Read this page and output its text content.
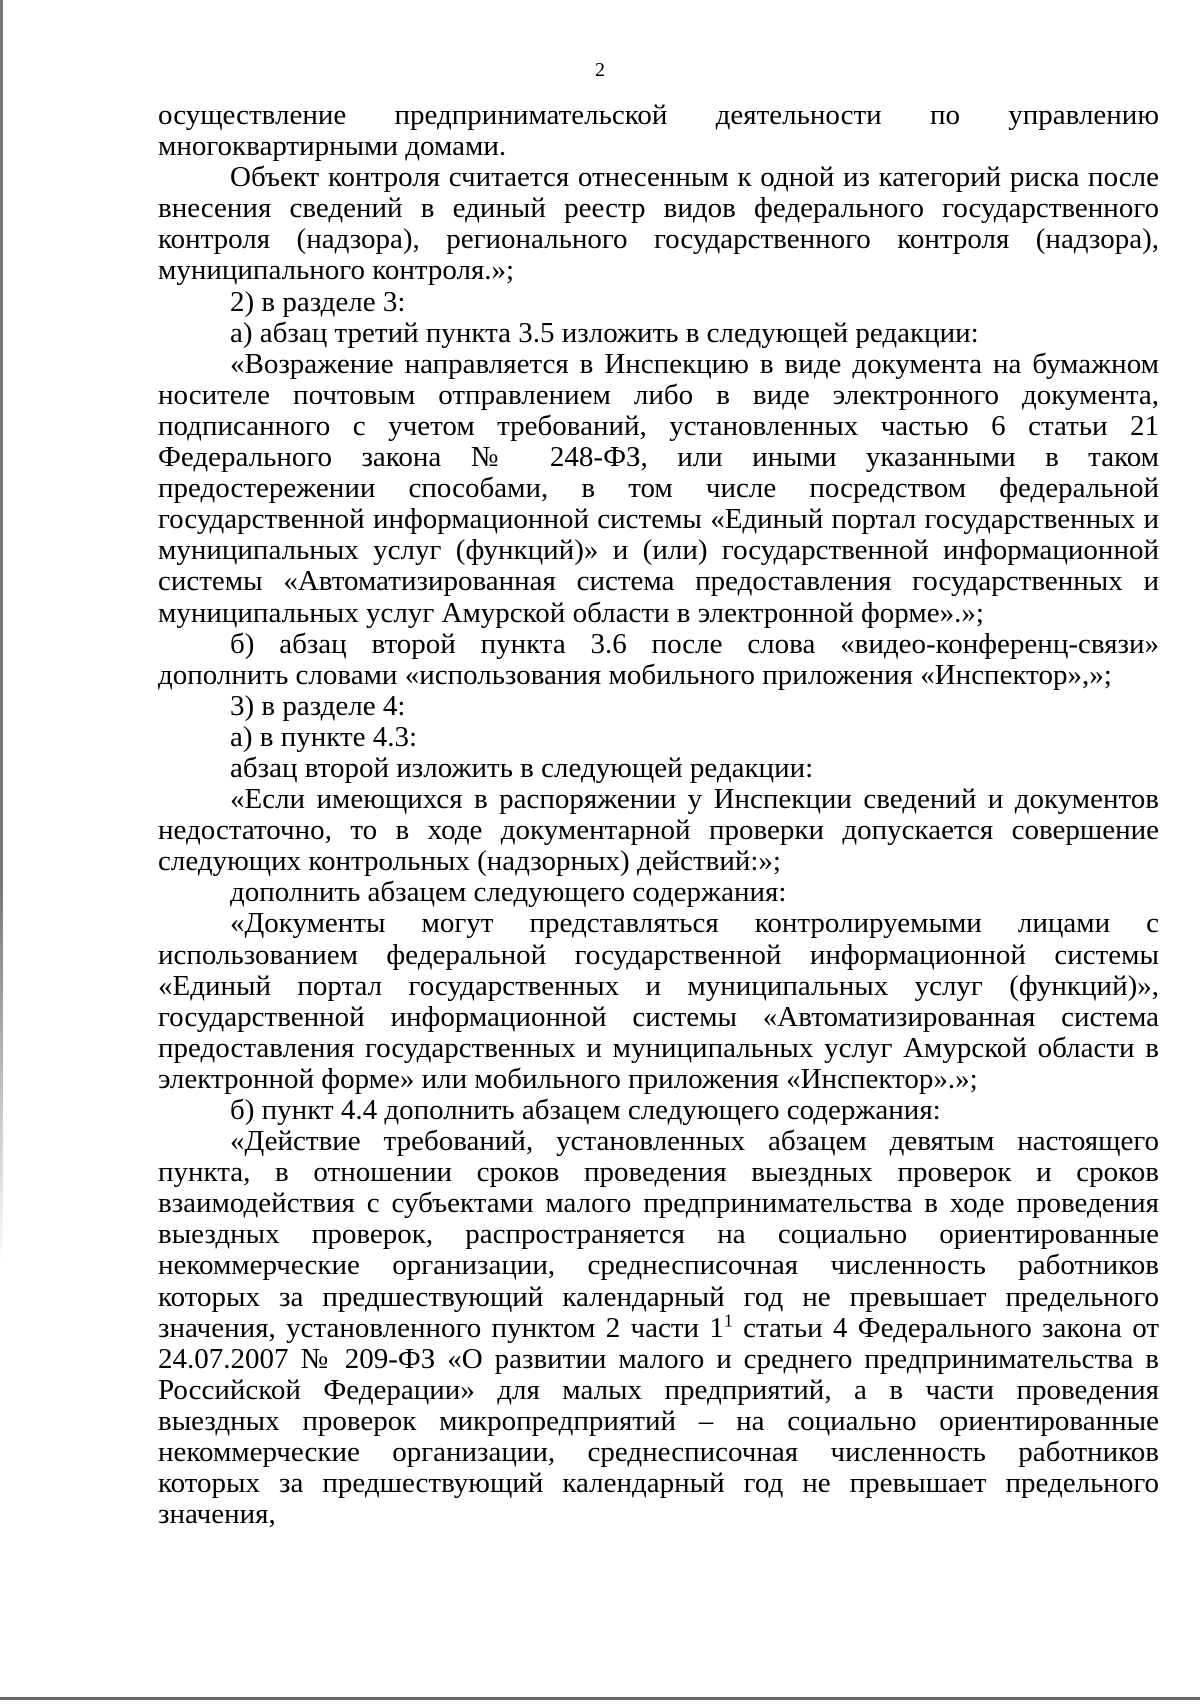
2

осуществление предпринимательской деятельности по управлению многоквартирными домами.

Объект контроля считается отнесенным к одной из категорий риска после внесения сведений в единый реестр видов федерального государственного контроля (надзора), регионального государственного контроля (надзора), муниципального контроля.»;

2) в разделе 3:

а) абзац третий пункта 3.5 изложить в следующей редакции:

«Возражение направляется в Инспекцию в виде документа на бумажном носителе почтовым отправлением либо в виде электронного документа, подписанного с учетом требований, установленных частью 6 статьи 21 Федерального закона № 248-ФЗ, или иными указанными в таком предостережении способами, в том числе посредством федеральной государственной информационной системы «Единый портал государственных и муниципальных услуг (функций)» и (или) государственной информационной системы «Автоматизированная система предоставления государственных и муниципальных услуг Амурской области в электронной форме».»;

б) абзац второй пункта 3.6 после слова «видео-конференц-связи» дополнить словами «использования мобильного приложения «Инспектор»,»;

3) в разделе 4:

а) в пункте 4.3:

абзац второй изложить в следующей редакции:

«Если имеющихся в распоряжении у Инспекции сведений и документов недостаточно, то в ходе документарной проверки допускается совершение следующих контрольных (надзорных) действий:»;

дополнить абзацем следующего содержания:

«Документы могут представляться контролируемыми лицами с использованием федеральной государственной информационной системы «Единый портал государственных и муниципальных услуг (функций)», государственной информационной системы «Автоматизированная система предоставления государственных и муниципальных услуг Амурской области в электронной форме» или мобильного приложения «Инспектор».»;

б) пункт 4.4 дополнить абзацем следующего содержания:

«Действие требований, установленных абзацем девятым настоящего пункта, в отношении сроков проведения выездных проверок и сроков взаимодействия с субъектами малого предпринимательства в ходе проведения выездных проверок, распространяется на социально ориентированные некоммерческие организации, среднесписочная численность работников которых за предшествующий календарный год не превышает предельного значения, установленного пунктом 2 части $1^1$ статьи 4 Федерального закона от 24.07.2007 № 209-ФЗ «О развитии малого и среднего предпринимательства в Российской Федерации» для малых предприятий, а в части проведения выездных проверок микропредприятий – на социально ориентированные некоммерческие организации, среднесписочная численность работников которых за предшествующий календарный год не превышает предельного значения,
